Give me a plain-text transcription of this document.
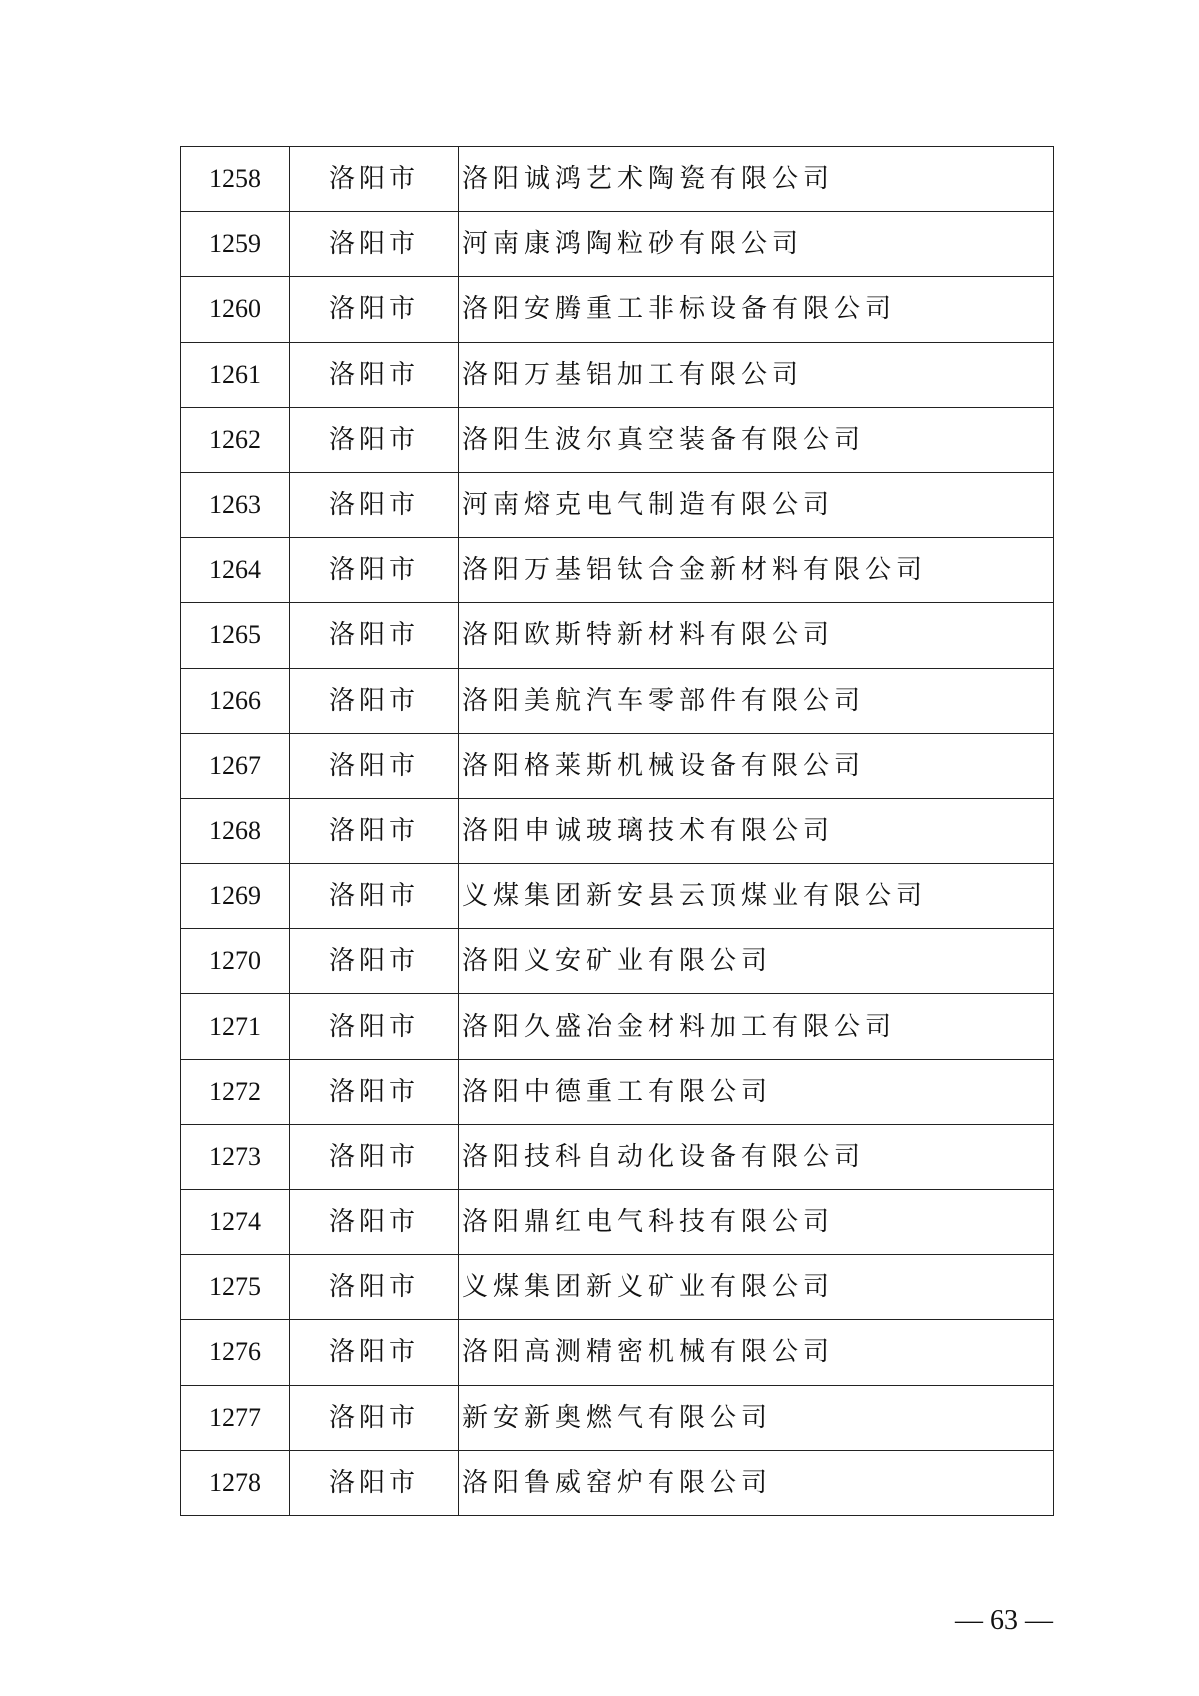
1258	洛阳市	洛阳诚鸿艺术陶瓷有限公司
1259	洛阳市	河南康鸿陶粒砂有限公司
1260	洛阳市	洛阳安腾重工非标设备有限公司
1261	洛阳市	洛阳万基铝加工有限公司
1262	洛阳市	洛阳生波尔真空装备有限公司
1263	洛阳市	河南熔克电气制造有限公司
1264	洛阳市	洛阳万基铝钛合金新材料有限公司
1265	洛阳市	洛阳欧斯特新材料有限公司
1266	洛阳市	洛阳美航汽车零部件有限公司
1267	洛阳市	洛阳格莱斯机械设备有限公司
1268	洛阳市	洛阳申诚玻璃技术有限公司
1269	洛阳市	义煤集团新安县云顶煤业有限公司
1270	洛阳市	洛阳义安矿业有限公司
1271	洛阳市	洛阳久盛冶金材料加工有限公司
1272	洛阳市	洛阳中德重工有限公司
1273	洛阳市	洛阳技科自动化设备有限公司
1274	洛阳市	洛阳鼎红电气科技有限公司
1275	洛阳市	义煤集团新义矿业有限公司
1276	洛阳市	洛阳高测精密机械有限公司
1277	洛阳市	新安新奥燃气有限公司
1278	洛阳市	洛阳鲁威窑炉有限公司
— 63 —
